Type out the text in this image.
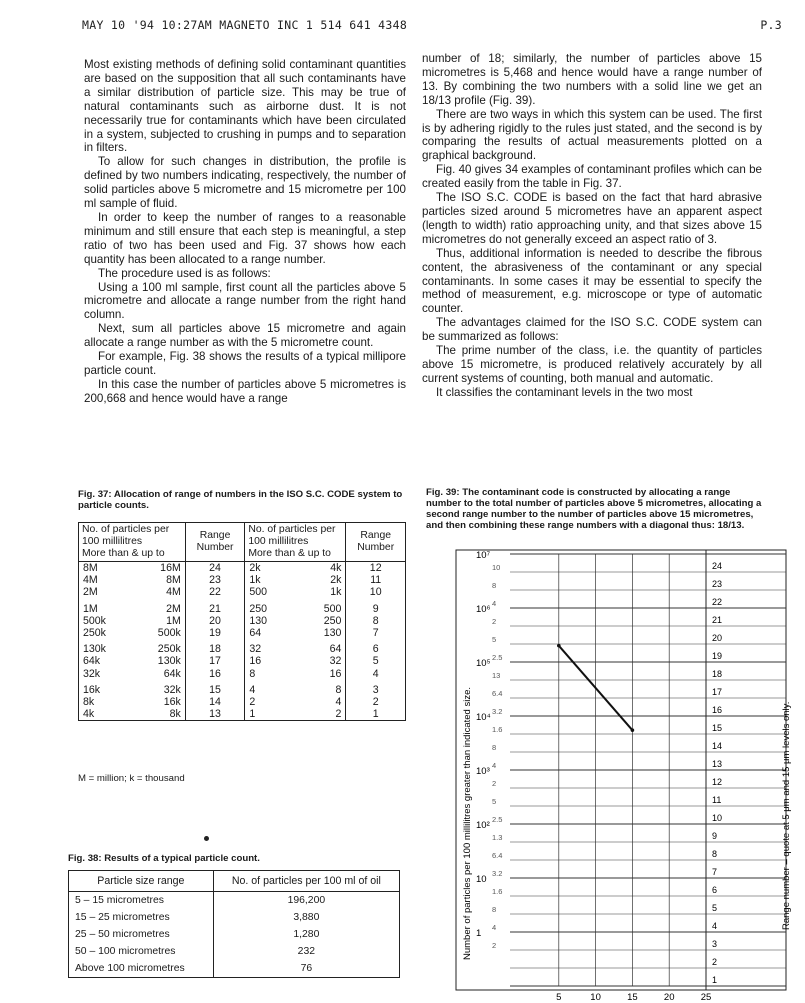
MAY 10 '94 10:27AM MAGNETO INC 1 514 641 4348	P.3

Most existing methods of defining solid contaminant quantities are based on the supposition that all such contaminants have a similar distribution of particle size. This may be true of natural contaminants such as airborne dust. It is not necessarily true for contaminants which have been circulated in a system, subjected to crushing in pumps and to separation in filters.

To allow for such changes in distribution, the profile is defined by two numbers indicating, respectively, the number of solid particles above 5 micrometre and 15 micrometre per 100 ml sample of fluid.

In order to keep the number of ranges to a reasonable minimum and still ensure that each step is meaningful, a step ratio of two has been used and Fig. 37 shows how each quantity has been allocated to a range number.

The procedure used is as follows:

Using a 100 ml sample, first count all the particles above 5 micrometre and allocate a range number from the right hand column.

Next, sum all particles above 15 micrometre and again allocate a range number as with the 5 micrometre count.

For example, Fig. 38 shows the results of a typical millipore particle count.

In this case the number of particles above 5 micrometres is 200,668 and hence would have a range

number of 18; similarly, the number of particles above 15 micrometres is 5,468 and hence would have a range number of 13. By combining the two numbers with a solid line we get an 18/13 profile (Fig. 39).

There are two ways in which this system can be used. The first is by adhering rigidly to the rules just stated, and the second is by comparing the results of actual measurements plotted on a graphical background.

Fig. 40 gives 34 examples of contaminant profiles which can be created easily from the table in Fig. 37.

The ISO S.C. CODE is based on the fact that hard abrasive particles sized around 5 micrometres have an apparent aspect (length to width) ratio approaching unity, and that sizes above 15 micrometres do not generally exceed an aspect ratio of 3.

Thus, additional information is needed to describe the fibrous content, the abrasiveness of the contaminant or any special contaminants. In some cases it may be essential to specify the method of measurement, e.g. microscope or type of automatic counter.

The advantages claimed for the ISO S.C. CODE system can be summarized as follows:

The prime number of the class, i.e. the quantity of particles above 15 micrometre, is produced relatively accurately by all current systems of counting, both manual and automatic.

It classifies the contaminant levels in the two most

Fig. 37: Allocation of range of numbers in the ISO S.C. CODE system to particle counts.
No. of particles per 100 millilitres
More than & up to		Range Number	No. of particles per 100 millilitres
More than & up to		Range Number
8M	16M	24	2k	4k	12
4M	8M	23	1k	2k	11
2M	4M	22	500	1k	10
1M	2M	21	250	500	9
500k	1M	20	130	250	8
250k	500k	19	64	130	7
130k	250k	18	32	64	6
64k	130k	17	16	32	5
32k	64k	16	8	16	4
16k	32k	15	4	8	3
8k	16k	14	2	4	2
4k	8k	13	1	2	1
M = million; k = thousand
Fig. 38: Results of a typical particle count.
Particle size range	No. of particles per 100 ml of oil
5 – 15 micrometres	196,200
15 – 25 micrometres	3,880
25 – 50 micrometres	1,280
50 – 100 micrometres	232
Above 100 micrometres	76
Fig. 39: The contaminant code is constructed by allocating a range number to the total number of particles above 5 micrometres, allocating a second range number to the number of particles above 15 micrometres, and then combining these range numbers with a diagonal thus: 18/13.
24
23
22
21
20
19
18
17
16
15
14
13
12
11
10
9
8
7
6
5
4
3
2
1
10⁷
10⁶
10⁵
10⁴
10³
10²
10
1
10
8
4
2
5
2.5
13
6.4
3.2
1.6
8
4
2
5
2.5
1.3
6.4
3.2
1.6
8
4
2
5	10	15	20	25
Number of particles per 100 millilitres greater than indicated size.	Range number – quote at 5 μm and 15 μm levels only.
